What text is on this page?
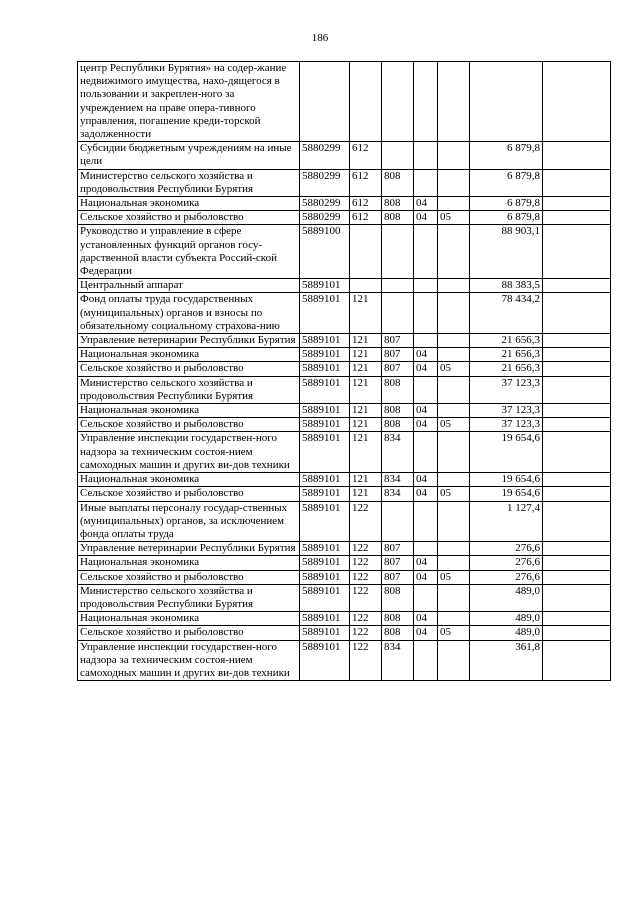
186
центр Республики Бурятия» на содер-жание недвижимого имущества, нахо-дящегося в пользовании и закреплен-ного за учреждением на праве опера-тивного управления, погашение креди-торской задолженности							
Субсидии бюджетным учреждениям на иные цели	5880299	612				6 879,8	
Министерство сельского хозяйства и продовольствия Республики Бурятия	5880299	612	808			6 879,8	
Национальная экономика	5880299	612	808	04		6 879,8	
Сельское хозяйство и рыболовство	5880299	612	808	04	05	6 879,8	
Руководство и управление в сфере установленных функций органов госу-дарственной власти субъекта Россий-ской Федерации	5889100					88 903,1	
Центральный аппарат	5889101					88 383,5	
Фонд оплаты труда государственных (муниципальных) органов и взносы по обязательному социальному страхова-нию	5889101	121				78 434,2	
Управление ветеринарии Республики Бурятия	5889101	121	807			21 656,3	
Национальная экономика	5889101	121	807	04		21 656,3	
Сельское хозяйство и рыболовство	5889101	121	807	04	05	21 656,3	
Министерство сельского хозяйства и продовольствия Республики Бурятия	5889101	121	808			37 123,3	
Национальная экономика	5889101	121	808	04		37 123,3	
Сельское хозяйство и рыболовство	5889101	121	808	04	05	37 123,3	
Управление инспекции государствен-ного надзора за техническим состоя-нием самоходных машин и других ви-дов техники	5889101	121	834			19 654,6	
Национальная экономика	5889101	121	834	04		19 654,6	
Сельское хозяйство и рыболовство	5889101	121	834	04	05	19 654,6	
Иные выплаты персоналу государ-ственных (муниципальных) органов, за исключением фонда оплаты труда	5889101	122				1 127,4	
Управление ветеринарии Республики Бурятия	5889101	122	807			276,6	
Национальная экономика	5889101	122	807	04		276,6	
Сельское хозяйство и рыболовство	5889101	122	807	04	05	276,6	
Министерство сельского хозяйства и продовольствия Республики Бурятия	5889101	122	808			489,0	
Национальная экономика	5889101	122	808	04		489,0	
Сельское хозяйство и рыболовство	5889101	122	808	04	05	489,0	
Управление инспекции государствен-ного надзора за техническим состоя-нием самоходных машин и других ви-дов техники	5889101	122	834			361,8	
